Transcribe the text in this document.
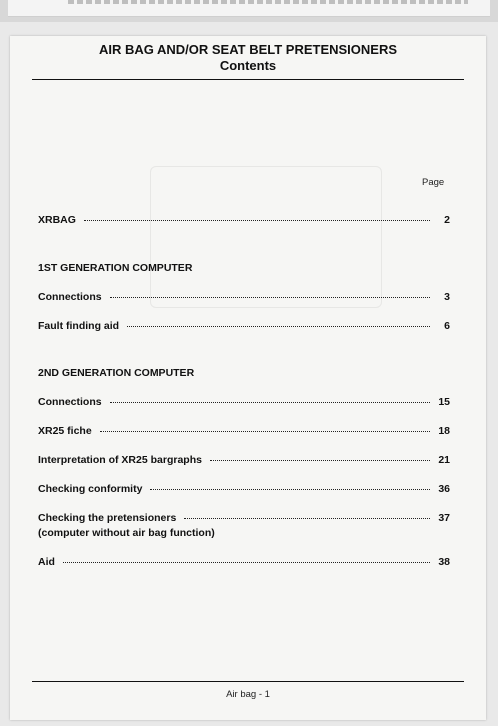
AIR BAG AND/OR SEAT BELT PRETENSIONERS
Contents
Page
XRBAG	2
1ST GENERATION COMPUTER
Connections	3
Fault finding aid	6
2ND GENERATION COMPUTER
Connections	15
XR25 fiche	18
Interpretation of XR25 bargraphs	21
Checking conformity	36
Checking the pretensioners	37
(computer without air bag function)
Aid	38
Air bag - 1
